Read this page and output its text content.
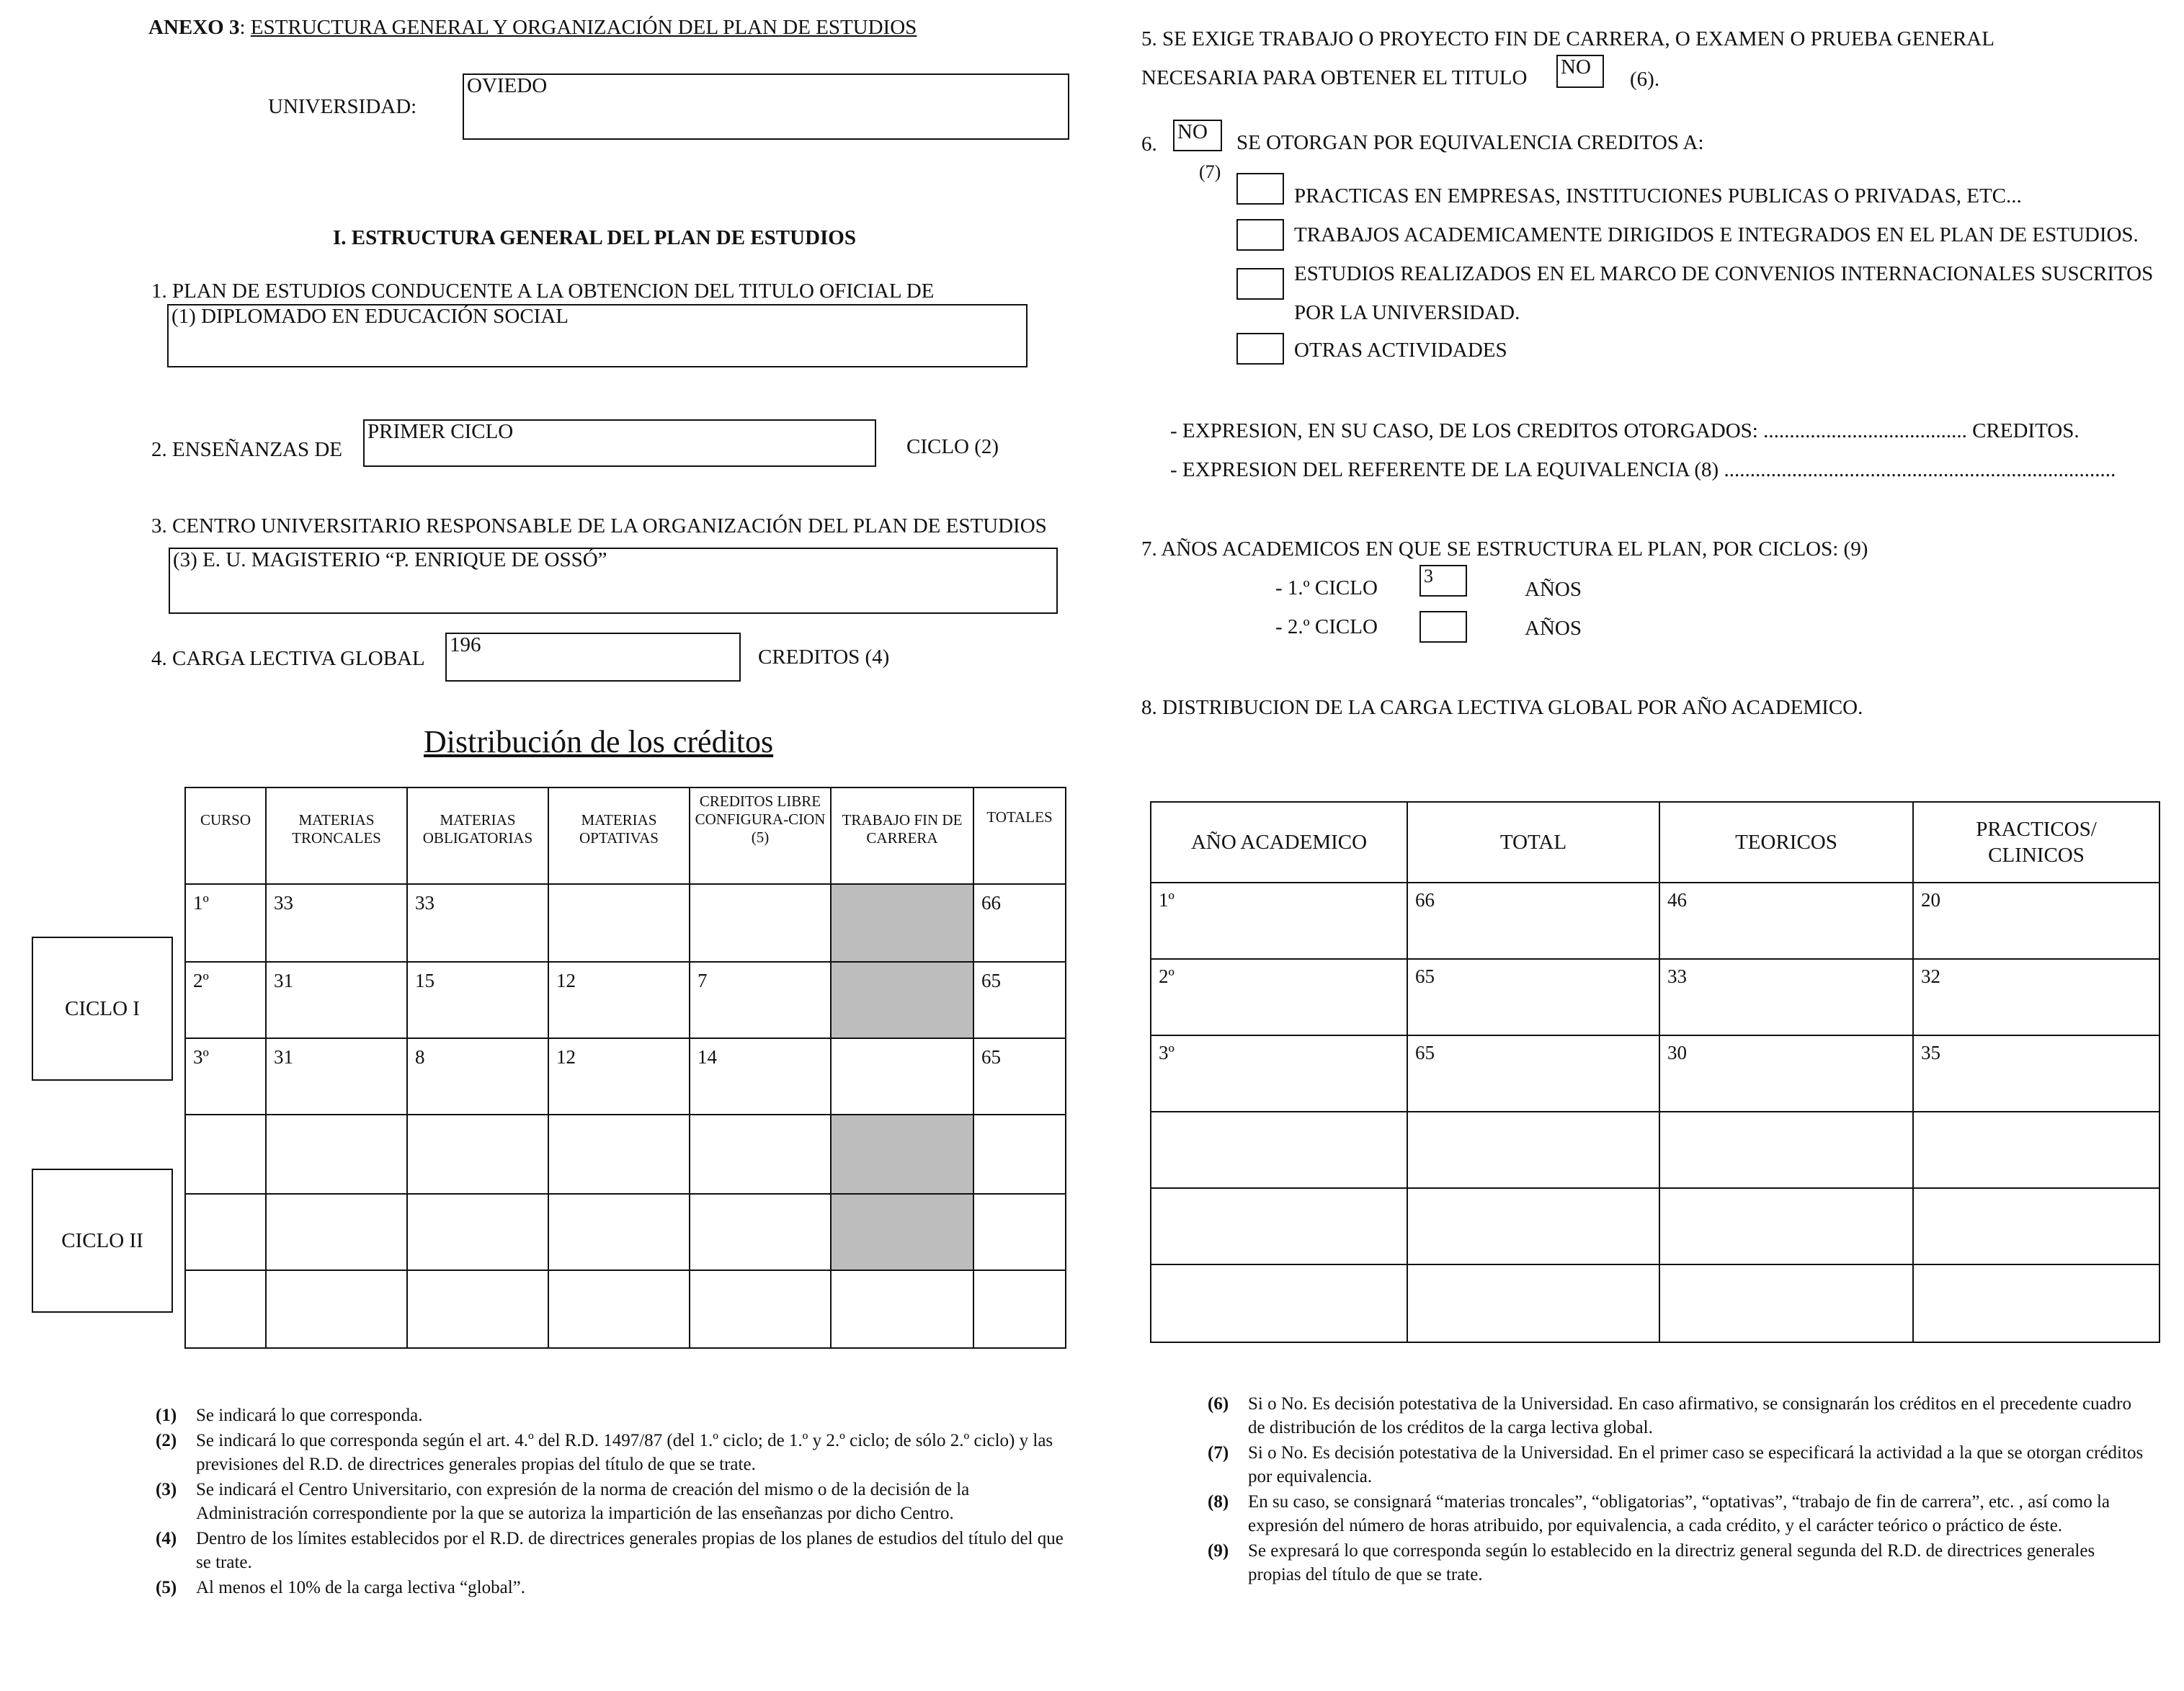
ANEXO 3: ESTRUCTURA GENERAL Y ORGANIZACIÓN DEL PLAN DE ESTUDIOS
UNIVERSIDAD:
OVIEDO
I. ESTRUCTURA GENERAL DEL PLAN DE ESTUDIOS
1. PLAN DE ESTUDIOS CONDUCENTE A LA OBTENCION DEL TITULO OFICIAL DE
(1) DIPLOMADO EN EDUCACIÓN SOCIAL
2. ENSEÑANZAS DE
PRIMER CICLO
CICLO (2)
3. CENTRO UNIVERSITARIO RESPONSABLE DE LA ORGANIZACIÓN DEL PLAN DE ESTUDIOS
(3) E. U. MAGISTERIO “P. ENRIQUE DE OSSÓ”
4. CARGA LECTIVA GLOBAL
196
CREDITOS (4)
Distribución de los créditos
CICLO I
CICLO II
CURSO	MATERIAS TRONCALES	MATERIAS OBLIGATORIAS	MATERIAS OPTATIVAS	CREDITOS LIBRE CONFIGURA-CION (5)	TRABAJO FIN DE CARRERA	TOTALES
1º	33	33				66
2º	31	15	12	7		65
3º	31	8	12	14		65

(1) Se indicará lo que corresponda.
(2) Se indicará lo que corresponda según el art. 4.º del R.D. 1497/87 (del 1.º ciclo; de 1.º y 2.º ciclo; de sólo 2.º ciclo) y las previsiones del R.D. de directrices generales propias del título de que se trate.
(3) Se indicará el Centro Universitario, con expresión de la norma de creación del mismo o de la decisión de la Administración correspondiente por la que se autoriza la impartición de las enseñanzas por dicho Centro.
(4) Dentro de los límites establecidos por el R.D. de directrices generales propias de los planes de estudios del título del que se trate.
(5) Al menos el 10% de la carga lectiva “global”.
5. SE EXIGE TRABAJO O PROYECTO FIN DE CARRERA, O EXAMEN O PRUEBA GENERAL
NECESARIA PARA OBTENER EL TITULO NO
(6).
6.
NO SE OTORGAN POR EQUIVALENCIA CREDITOS A:
(7)
PRACTICAS EN EMPRESAS, INSTITUCIONES PUBLICAS O PRIVADAS, ETC...
TRABAJOS ACADEMICAMENTE DIRIGIDOS E INTEGRADOS EN EL PLAN DE ESTUDIOS.
ESTUDIOS REALIZADOS EN EL MARCO DE CONVENIOS INTERNACIONALES SUSCRITOS
POR LA UNIVERSIDAD.
OTRAS ACTIVIDADES
- EXPRESION, EN SU CASO, DE LOS CREDITOS OTORGADOS: ....................................... CREDITOS.
- EXPRESION DEL REFERENTE DE LA EQUIVALENCIA (8) ...........................................................................
7. AÑOS ACADEMICOS EN QUE SE ESTRUCTURA EL PLAN, POR CICLOS: (9)
- 1.º CICLO
3
AÑOS
- 2.º CICLO	AÑOS
8. DISTRIBUCION DE LA CARGA LECTIVA GLOBAL POR AÑO ACADEMICO.
AÑO ACADEMICO	TOTAL	TEORICOS	PRACTICOS/ CLINICOS
1º	66	46	20
2º	65	33	32
3º	65	30	35

(6) Si o No. Es decisión potestativa de la Universidad. En caso afirmativo, se consignarán los créditos en el precedente cuadro de distribución de los créditos de la carga lectiva global.
(7) Si o No. Es decisión potestativa de la Universidad. En el primer caso se especificará la actividad a la que se otorgan créditos por equivalencia.
(8) En su caso, se consignará “materias troncales”, “obligatorias”, “optativas”, “trabajo de fin de carrera”, etc. , así como la expresión del número de horas atribuido, por equivalencia, a cada crédito, y el carácter teórico o práctico de éste.
(9) Se expresará lo que corresponda según lo establecido en la directriz general segunda del R.D. de directrices generales propias del título de que se trate.
